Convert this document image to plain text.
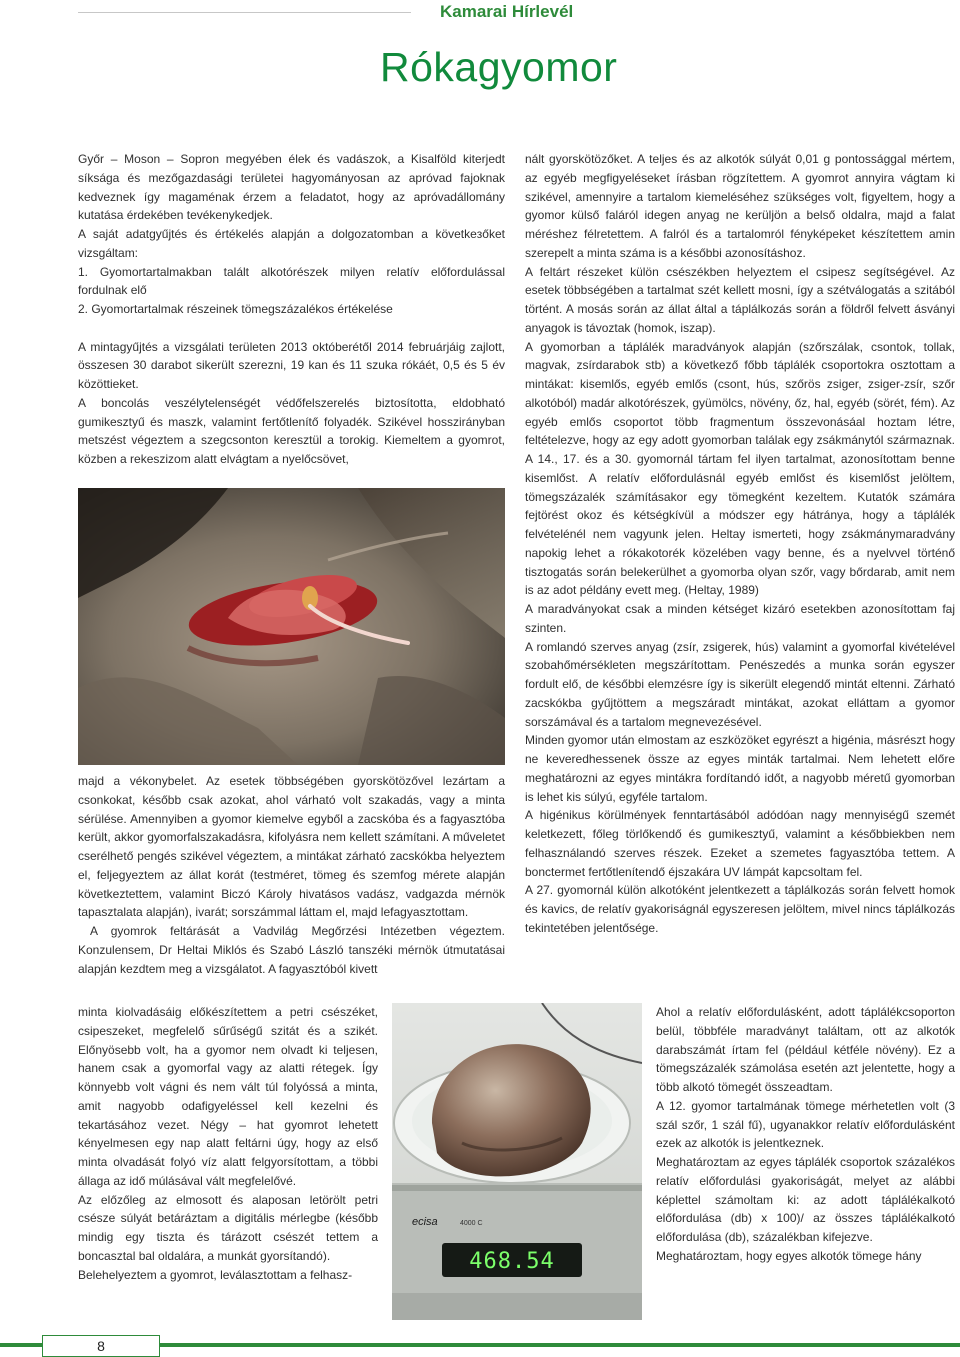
Kamarai Hírlevél
Rókagyomor

Győr – Moson – Sopron megyében élek és vadászok, a Kisalföld kiterjedt síksága és mezőgazdasági területei hagyományosan az apróvad fajoknak kedveznek így magaménak érzem a feladatot, hogy az apróvadállomány kutatása érdekében tevékenykedjek.

A saját adatgyűjtés és értékelés alapján a dolgozatomban a követkeзőket vizsgáltam:

1. Gyomortartalmakban talált alkotórészek milyen relatív előfordulással fordulnak elő

2. Gyomortartalmak részeinek tömegszázalékos értékelése

A mintagyűjtés a vizsgálati területen 2013 októberétől 2014 februárjáig zajlott, összesen 30 darabot sikerült szerezni, 19 kan és 11 szuka rókáét, 0,5 és 5 év közöttieket.

A boncolás veszélytelenségét védőfelszerelés biztosította, eldobható gumikesztyű és maszk, valamint fertőtlenítő folyadék. Szikével hosszirányban metszést végeztem a szegcsonton keresztül a torokig. Kiemeltem a gyomrot, közben a rekeszizom alatt elvágtam a nyelőcsövet,

majd a vékonybelet. Az esetek többségében gyorskötözővel lezártam a csonkokat, később csak azokat, ahol várható volt szakadás, vagy a minta sérülése. Amennyiben a gyomor kiemelve egyből a zacskóba és a fagyasztóba került, akkor gyomorfalszakadásra, kifolyásra nem kellett számítani. A műveletet cserélhető pengés szikével végeztem, a mintákat zárható zacskókba helyeztem el, feljegyeztem az állat korát (testméret, tömeg és szemfog mérete alapján következtettem, valamint Biczó Károly hivatásos vadász, vadgazda mérnök tapasztalata alapján), ivarát; sorszámmal láttam el, majd lefagyasztottam.

A gyomrok feltárását a Vadvilág Megőrzési Intézetben végeztem. Konzulensem, Dr Heltai Miklós és Szabó László tanszéki mérnök útmutatásai alapján kezdtem meg a vizsgálatot. A fagyasztóból kivett

minta kiolvadásáig előkészítettem a petri csészéket, csipeszeket, megfelelő sűrűségű szitát és a szikét. Előnyösebb volt, ha a gyomor nem olvadt ki teljesen, hanem csak a gyomorfal vagy az alatti rétegek. Így könnyebb volt vágni és nem vált túl folyóssá a minta, amit nagyobb odafigyeléssel kell kezelni és tekartásához vezet. Négy – hat gyomrot lehetett kényelmesen egy nap alatt feltárni úgy, hogy az első minta olvadását folyó víz alatt felgyorsítottam, a többi állaga az idő múlásával vált megfelelővé.

Az előzőleg az elmosott és alaposan letörölt petri csésze súlyát betáráztam a digitális mérlegbe (később mindig egy tiszta és tárázott csészét tettem a boncasztal bal oldalára, a munkát gyorsítandó).

Belehelyeztem a gyomrot, leválasztottam a felhasz-

ecisa	4000 C
468.54

nált gyorskötözőket. A teljes és az alkotók súlyát 0,01 g pontossággal mértem, az egyéb megfigyeléseket írásban rögzítettem. A gyomrot annyira vágtam ki szikével, amennyire a tartalom kiemeléséhez szükséges volt, figyeltem, hogy a gyomor külső faláról idegen anyag ne kerüljön a belső oldalra, majd a falat méréshez félretettem. A falról és a tartalomról fényképeket készítettem amin szerepelt a minta száma is a későbbi azonosításhoz.

A feltárt részeket külön csészékben helyeztem el csipesz segítségével. Az esetek többségében a tartalmat szét kellett mosni, így a szétválogatás a szitából történt. A mosás során az állat által a táplálkozás során a földről felvett ásványi anyagok is távoztak (homok, iszap).

A gyomorban a táplálék maradványok alapján (szőrszálak, csontok, tollak, magvak, zsírdarabok stb) a következő főbb táplálék csoportokra osztottam a mintákat: kisemlős, egyéb emlős (csont, hús, szőrös zsiger, zsiger-zsír, szőr alkotóból) madár alkotórészek, gyümölcs, növény, őz, hal, egyéb (sörét, fém). Az egyéb emlős csoportot több fragmentum összevonásáal hoztam létre, feltételezve, hogy az egy adott gyomorban találak egy zsákmánytól származnak. A 14., 17. és a 30. gyomornál tártam fel ilyen tartalmat, azonosítottam benne kisemlőst. A relatív előfordulásnál egyéb emlőst és kisemlőst jelöltem, tömegszázalék számításakor egy tömegként kezeltem. Kutatók számára fejtörést okoz és kétségkívül a módszer egy hátránya, hogy a táplálék felvételénél nem vagyunk jelen. Heltay ismerteti, hogy zsákmánymaradvány napokig lehet a rókakotorék közelében vagy benne, és a nyelvvel történő tisztogatás során belekerülhet a gyomorba olyan szőr, vagy bőrdarab, amit nem is az adot példány evett meg. (Heltay, 1989)

A maradványokat csak a minden kétséget kizáró esetekben azonosítottam faj szinten.

A romlandó szerves anyag (zsír, zsigerek, hús) valamint a gyomorfal kivételével szobahőmérsékleten megszárítottam. Penészedés a munka során egyszer fordult elő, de későbbi elemzésre így is sikerült elegendő mintát eltenni. Zárható zacskókba gyűjtöttem a megszáradt mintákat, azokat elláttam a gyomor sorszámával és a tartalom megnevezésével.

Minden gyomor után elmostam az eszközöket egyrészt a higénia, másrészt hogy ne keveredhessenek össze az egyes minták tartalmai. Nem lehetett előre meghatározni az egyes mintákra fordítandó időt, a nagyobb méretű gyomorban is lehet kis súlyú, egyféle tartalom.

A higénikus körülmények fenntartásából adódóan nagy mennyiségű szemét keletkezett, főleg törlőkendő és gumikesztyű, valamint a későbbiekben nem felhasználandó szerves részek. Ezeket a szemetes fagyasztóba tettem. A bonctermet fertőtlenítendő éjszakára UV lámpát kapcsoltam fel.

A 27. gyomornál külön alkotóként jelentkezett a táplálkozás során felvett homok és kavics, de relatív gyakoriságnál egyszeresen jelöltem, mivel nincs táplálkozás tekintetében jelentősége.

Ahol a relatív előfordulásként, adott táplálékcsoporton belül, többféle maradványt találtam, ott az alkotók darabszámát írtam fel (például kétféle növény). Ez a tömegszázalék számolása esetén azt jelentette, hogy a több alkotó tömegét összeadtam.

A 12. gyomor tartalmának tömege mérhetetlen volt (3 szál szőr, 1 szál fű), ugyanakkor relatív előfordulásként ezek az alkotók is jelentkeznek.

Meghatároztam az egyes táplálék csoportok százalékos relatív előfordulási gyakoriságát, melyet az alábbi képlettel számoltam ki: az adott táplálékalkotó előfordulása (db) x 100)/ az összes táplálékalkotó előfordulása (db), százalékban kifejezve.

Meghatároztam, hogy egyes alkotók tömege hány

8
